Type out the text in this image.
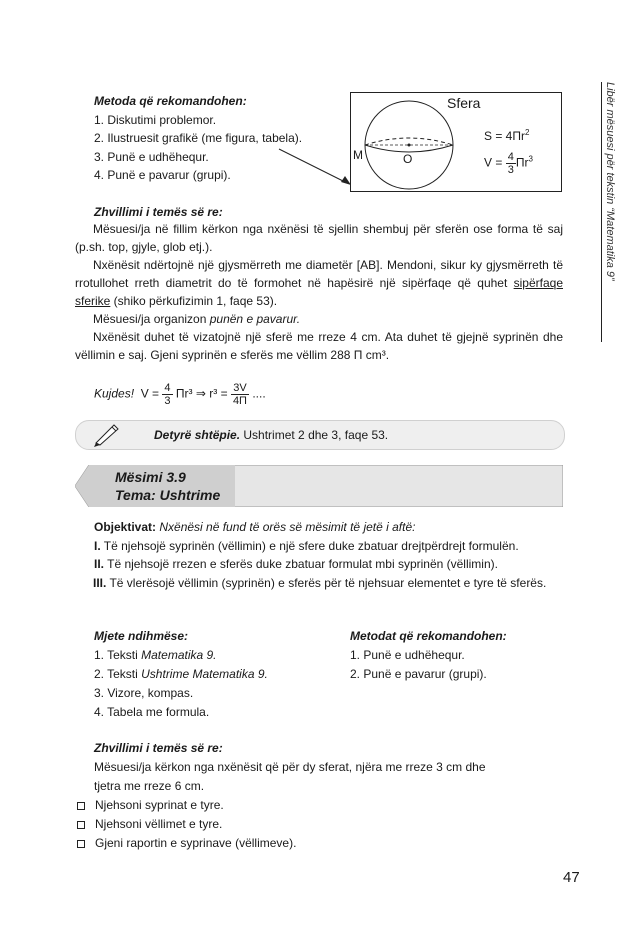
Libër mësuesi për tekstin “Matematika 9”
Metoda që rekomandohen:
1. Diskutimi problemor.
2. Ilustruesit grafikë (me figura, tabela).
3. Punë e udhëhequr.
4. Punë e pavarur (grupi).
Sfera
M	O
$S = 4\Pi r^2$
$V = \frac{4}{3} \Pi r^3$
Zhvillimi i temës së re:

Mësuesi/ja në fillim kërkon nga nxënësi të sjellin shembuj për sferën ose forma të saj (p.sh. top, gjyle, glob etj.).

Nxënësit ndërtojnë një gjysmërreth me diametër [AB]. Mendoni, sikur ky gjysmërreth të rrotullohet rreth diametrit do të formohet në hapësirë një sipërfaqe që quhet sipërfaqe sferike (shiko përkufizimin 1, faqe 53).

Mësuesi/ja organizon punën e pavarur.

Nxënësit duhet të vizatojnë një sferë me rreze 4 cm. Ata duhet të gjejnë syprinën dhe vëllimin e saj. Gjeni syprinën e sferës me vëllim 288 Π cm³.

Kujdes! $V = \frac{4}{3} \Pi r^3$ ⇒ $r^3 = \frac{3V}{4\Pi}$ ....
Detyrë shtëpie. Ushtrimet 2 dhe 3, faqe 53.
Mësimi 3.9
Tema: Ushtrime
Objektivat: Nxënësi në fund të orës së mësimit të jetë i aftë:
I. Të njehsojë syprinën (vëllimin) e një sfere duke zbatuar drejtpërdrejt formulën.
II. Të njehsojë rrezen e sferës duke zbatuar formulat mbi syprinën (vëllimin).

III. Të vlerësojë vëllimin (syprinën) e sferës për të njehsuar elementet e tyre të sferës.

Mjete ndihmëse:
1. Teksti Matematika 9.
2. Teksti Ushtrime Matematika 9.
3. Vizore, kompas.
4. Tabela me formula.
Metodat që rekomandohen:
1. Punë e udhëhequr.
2. Punë e pavarur (grupi).
Zhvillimi i temës së re:
Mësuesi/ja kërkon nga nxënësit që për dy sferat, njëra me rreze 3 cm dhe
tjetra me rreze 6 cm.
Njehsoni syprinat e tyre.
Njehsoni vëllimet e tyre.
Gjeni raportin e syprinave (vëllimeve).
47
